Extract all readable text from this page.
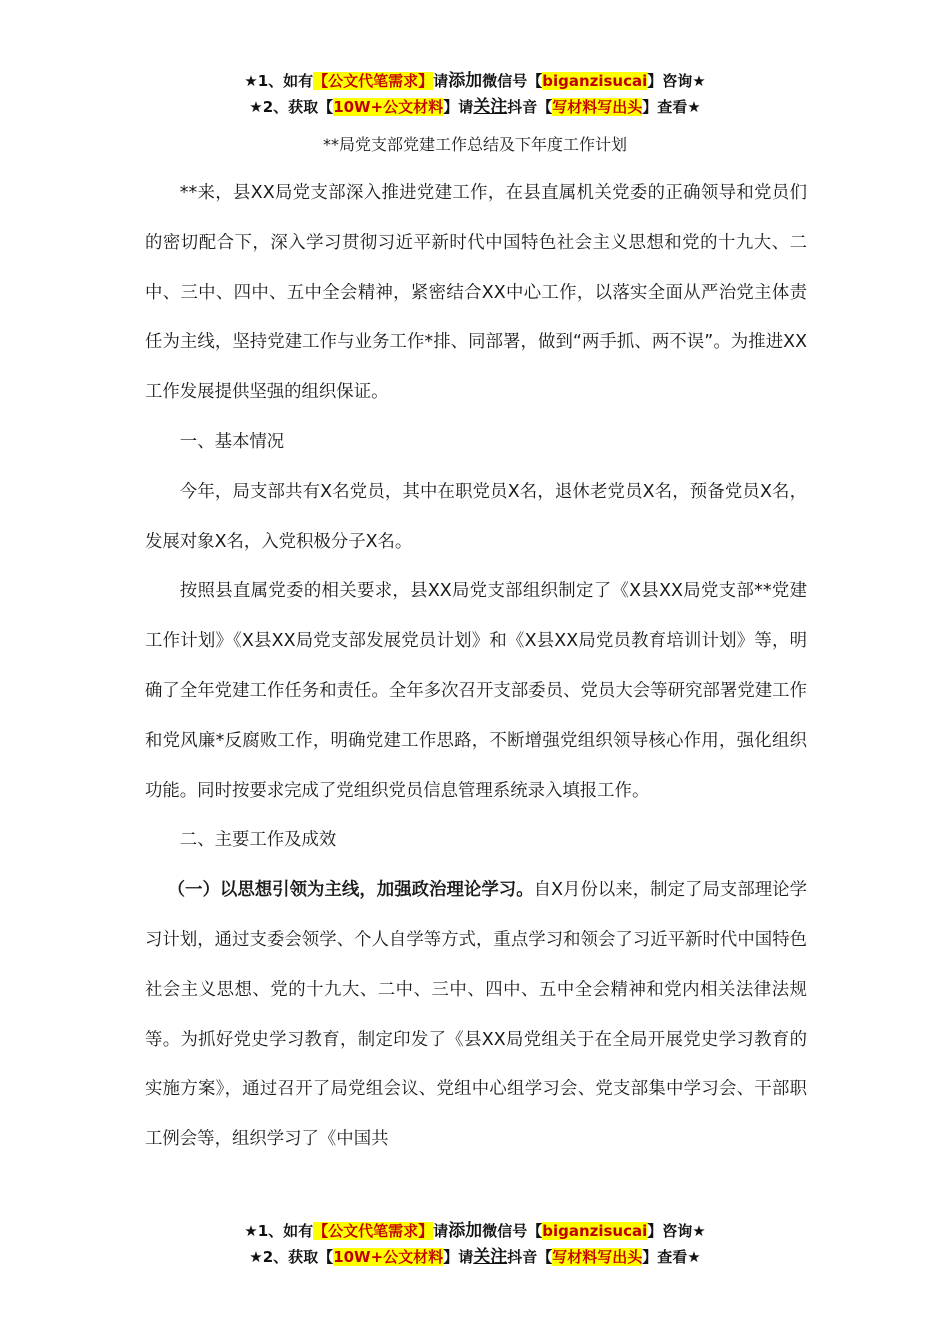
★1、如有【公文代笔需求】请添加微信号【biganzisucai】咨询★
★2、获取【10W+公文材料】请关注抖音【写材料写出头】查看★
**局党支部党建工作总结及下年度工作计划

**来，县XX局党支部深入推进党建工作，在县直属机关党委的正确领导和党员们的密切配合下，深入学习贯彻习近平新时代中国特色社会主义思想和党的十九大、二中、三中、四中、五中全会精神，紧密结合XX中心工作，以落实全面从严治党主体责任为主线，坚持党建工作与业务工作*排、同部署，做到“两手抓、两不误”。为推进XX工作发展提供坚强的组织保证。

一、基本情况

今年，局支部共有X名党员，其中在职党员X名，退休老党员X名，预备党员X名，发展对象X名，入党积极分子X名。

按照县直属党委的相关要求，县XX局党支部组织制定了《X县XX局党支部**党建工作计划》《X县XX局党支部发展党员计划》和《X县XX局党员教育培训计划》等，明确了全年党建工作任务和责任。全年多次召开支部委员、党员大会等研究部署党建工作和党风廉*反腐败工作，明确党建工作思路，不断增强党组织领导核心作用，强化组织功能。同时按要求完成了党组织党员信息管理系统录入填报工作。

二、主要工作及成效

（一）以思想引领为主线，加强政治理论学习。自X月份以来，制定了局支部理论学习计划，通过支委会领学、个人自学等方式，重点学习和领会了习近平新时代中国特色社会主义思想、党的十九大、二中、三中、四中、五中全会精神和党内相关法律法规等。为抓好党史学习教育，制定印发了《县XX局党组关于在全局开展党史学习教育的实施方案》，通过召开了局党组会议、党组中心组学习会、党支部集中学习会、干部职工例会等，组织学习了《中国共

★1、如有【公文代笔需求】请添加微信号【biganzisucai】咨询★
★2、获取【10W+公文材料】请关注抖音【写材料写出头】查看★
